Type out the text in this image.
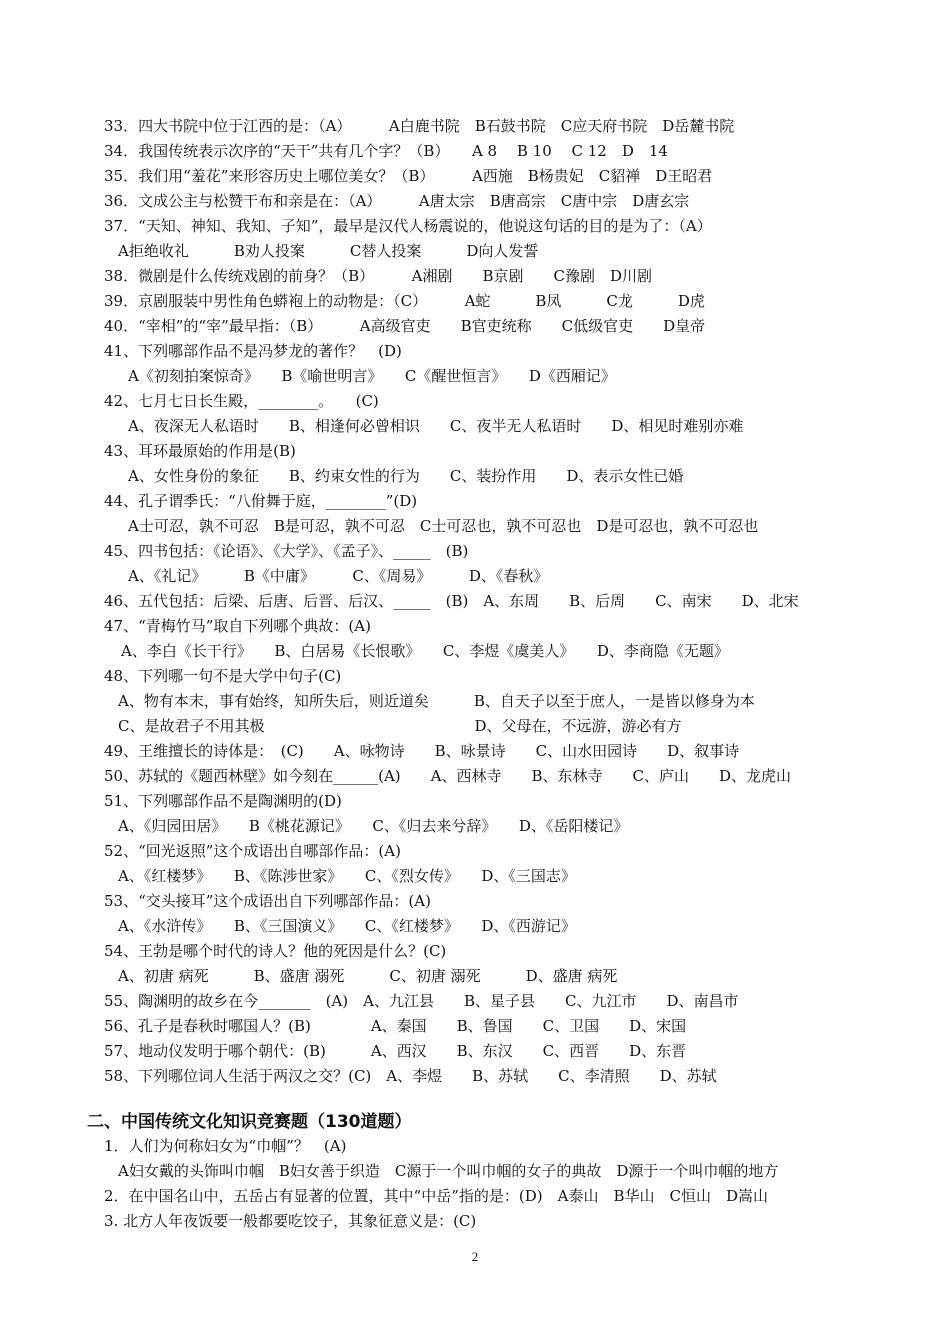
33．四大书院中位于江西的是：（A）　　　A白鹿书院　B石鼓书院　C应天府书院　D岳麓书院
34．我国传统表示次序的“天干”共有几个字？（B）　　A 8　 B 10　 C 12　D　14
35．我们用“羞花”来形容历史上哪位美女？（B）　　　A西施　B杨贵妃　C貂禅　D王昭君
36．文成公主与松赞干布和亲是在：（A）　　　A唐太宗　B唐高宗　C唐中宗　D唐玄宗
37．“天知、神知、我知、子知”，最早是汉代人杨震说的，他说这句话的目的是为了：（A）
A拒绝收礼　　　B劝人投案　　　C替人投案　　　D向人发誓
38．微剧是什么传统戏剧的前身？（B）　　　A湘剧　　B京剧　　C豫剧　D川剧
39．京剧服装中男性角色蟒袍上的动物是：（C）　　　A蛇　　　B凤　　　C龙　　　D虎
40．“宰相”的“宰”最早指：（B）　　　A高级官吏　　B官吏统称　　C低级官吏　　D皇帝
41、下列哪部作品不是冯梦龙的著作？　(D)
A《初刻拍案惊奇》　　B《喻世明言》　　C《醒世恒言》　　D《西厢记》
42、七月七日长生殿，________。　　(C)
A、夜深无人私语时　　B、相逢何必曾相识　　C、夜半无人私语时　　D、相见时难别亦难
43、耳环最原始的作用是(B)
A、女性身份的象征　　B、约束女性的行为　　C、装扮作用　　D、表示女性已婚
44、孔子谓季氏：“八佾舞于庭，________”(D)
A士可忍，孰不可忍　B是可忍，孰不可忍　C士可忍也，孰不可忍也　D是可忍也，孰不可忍也
45、四书包括：《论语》、《大学》、《孟子》、_____　(B)
A、《礼记》　　　B《中庸》　　　C、《周易》　　　D、《春秋》
46、五代包括：后梁、后唐、后晋、后汉、_____　(B)　A、东周　　B、后周　　C、南宋　　D、北宋
47、“青梅竹马”取自下列哪个典故：(A)
A、李白《长干行》　　B、白居易《长恨歌》　　C、李煜《虞美人》　　D、李商隐《无题》
48、下列哪一句不是大学中句子(C)
A、物有本末，事有始终，知所失后，则近道矣　　　B、自天子以至于庶人，一是皆以修身为本
C、是故君子不用其极　　　　　　　　　　　　　　D、父母在，不远游，游必有方
49、王维擅长的诗体是：　(C)　　A、咏物诗　　B、咏景诗　　C、山水田园诗　　D、叙事诗
50、苏轼的《题西林壁》如今刻在______(A)　　A、西林寺　　B、东林寺　　C、庐山　　D、龙虎山
51、下列哪部作品不是陶渊明的(D)
A、《归园田居》　　B《桃花源记》　　C、《归去来兮辞》　　D、《岳阳楼记》
52、“回光返照”这个成语出自哪部作品：(A)
A、《红楼梦》　　B、《陈涉世家》　　C、《烈女传》　　D、《三国志》
53、“交头接耳”这个成语出自下列哪部作品：(A)
A、《水浒传》　　B、《三国演义》　　C、《红楼梦》　　D、《西游记》
54、王勃是哪个时代的诗人？他的死因是什么？(C)
A、初唐 病死　　　B、盛唐 溺死　　　C、初唐 溺死　　　D、盛唐 病死
55、陶渊明的故乡在今_______　(A)　A、九江县　　B、星子县　　C、九江市　　D、南昌市
56、孔子是春秋时哪国人？(B)　　　　A、秦国　　B、鲁国　　C、卫国　　D、宋国
57、地动仪发明于哪个朝代：(B)　　　A、西汉　　B、东汉　　C、西晋　　D、东晋
58、下列哪位词人生活于两汉之交？(C)　A、李煜　　B、苏轼　　C、李清照　　D、苏轼
二、中国传统文化知识竞赛题（130道题）
1．人们为何称妇女为“巾帼”？　(A)
A妇女戴的头饰叫巾帼　B妇女善于织造　C源于一个叫巾帼的女子的典故　D源于一个叫巾帼的地方
2．在中国名山中，五岳占有显著的位置，其中“中岳”指的是：(D)　A泰山　B华山　C恒山　D嵩山
3. 北方人年夜饭要一般都要吃饺子，其象征意义是：(C)
2
